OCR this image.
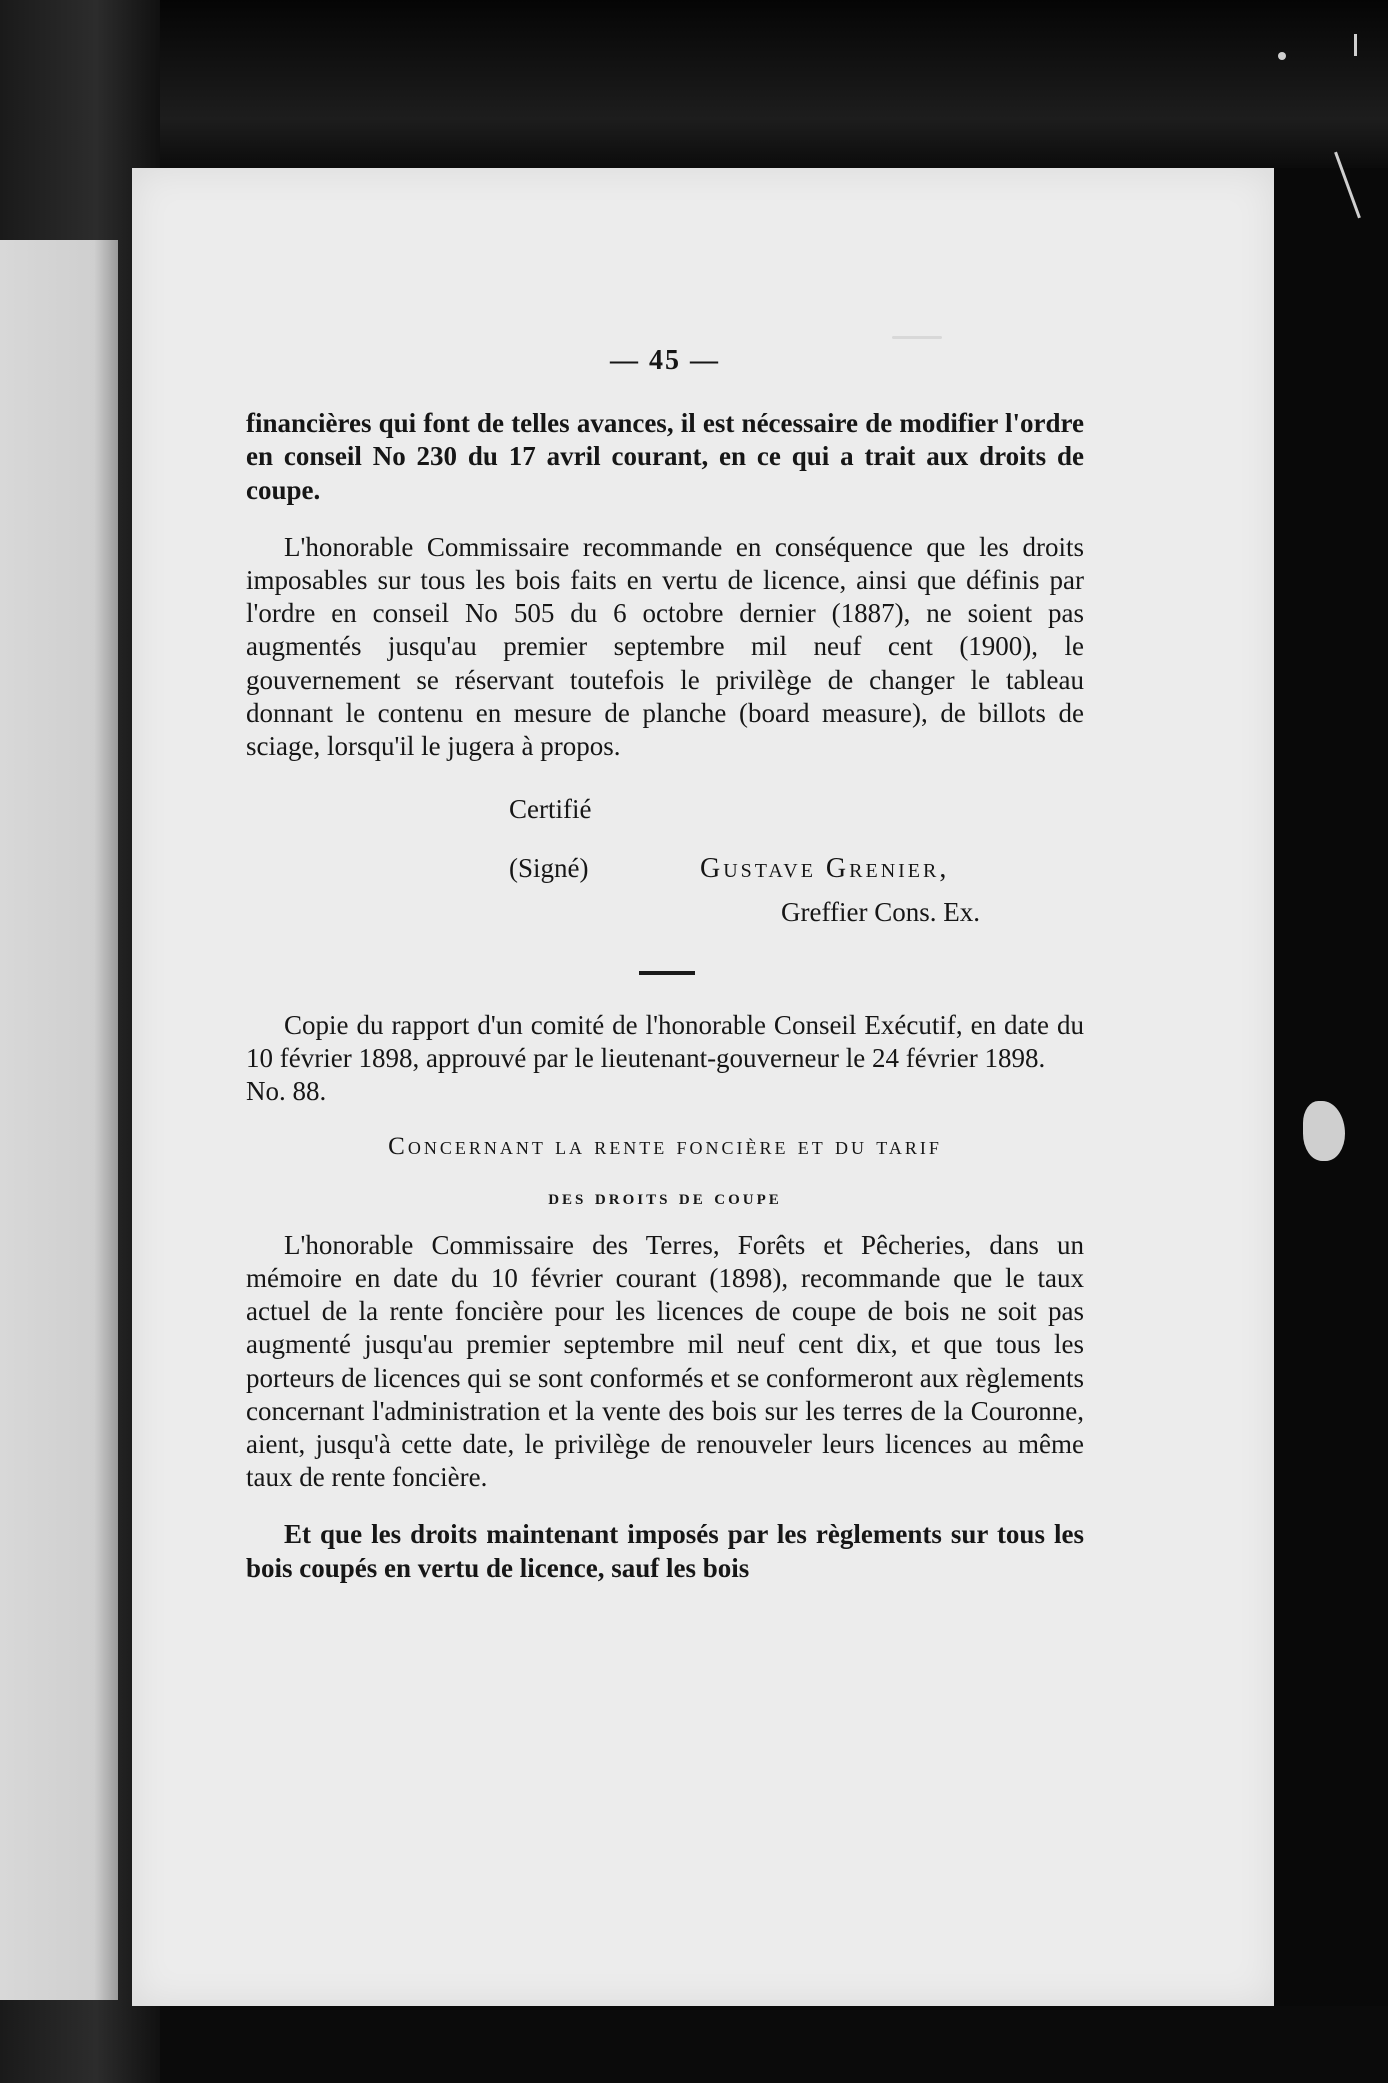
— 45 —

financières qui font de telles avances, il est nécessaire de modifier l'ordre en conseil No 230 du 17 avril courant, en ce qui a trait aux droits de coupe.

L'honorable Commissaire recommande en conséquence que les droits imposables sur tous les bois faits en vertu de licence, ainsi que définis par l'ordre en conseil No 505 du 6 octobre dernier (1887), ne soient pas augmentés jusqu'au premier septembre mil neuf cent (1900), le gouvernement se réservant toutefois le privilège de changer le tableau donnant le contenu en mesure de planche (board measure), de billots de sciage, lorsqu'il le jugera à propos.

Certifié
(Signé)	Gustave Grenier,
Greffier Cons. Ex.

Copie du rapport d'un comité de l'honorable Conseil Exécutif, en date du 10 février 1898, approuvé par le lieutenant-gouverneur le 24 février 1898.

No. 88.

Concernant la rente foncière et du tarif
des droits de coupe

L'honorable Commissaire des Terres, Forêts et Pêcheries, dans un mémoire en date du 10 février courant (1898), recommande que le taux actuel de la rente foncière pour les licences de coupe de bois ne soit pas augmenté jusqu'au premier septembre mil neuf cent dix, et que tous les porteurs de licences qui se sont conformés et se conformeront aux règlements concernant l'administration et la vente des bois sur les terres de la Couronne, aient, jusqu'à cette date, le privilège de renouveler leurs licences au même taux de rente foncière.

Et que les droits maintenant imposés par les règlements sur tous les bois coupés en vertu de licence, sauf les bois
